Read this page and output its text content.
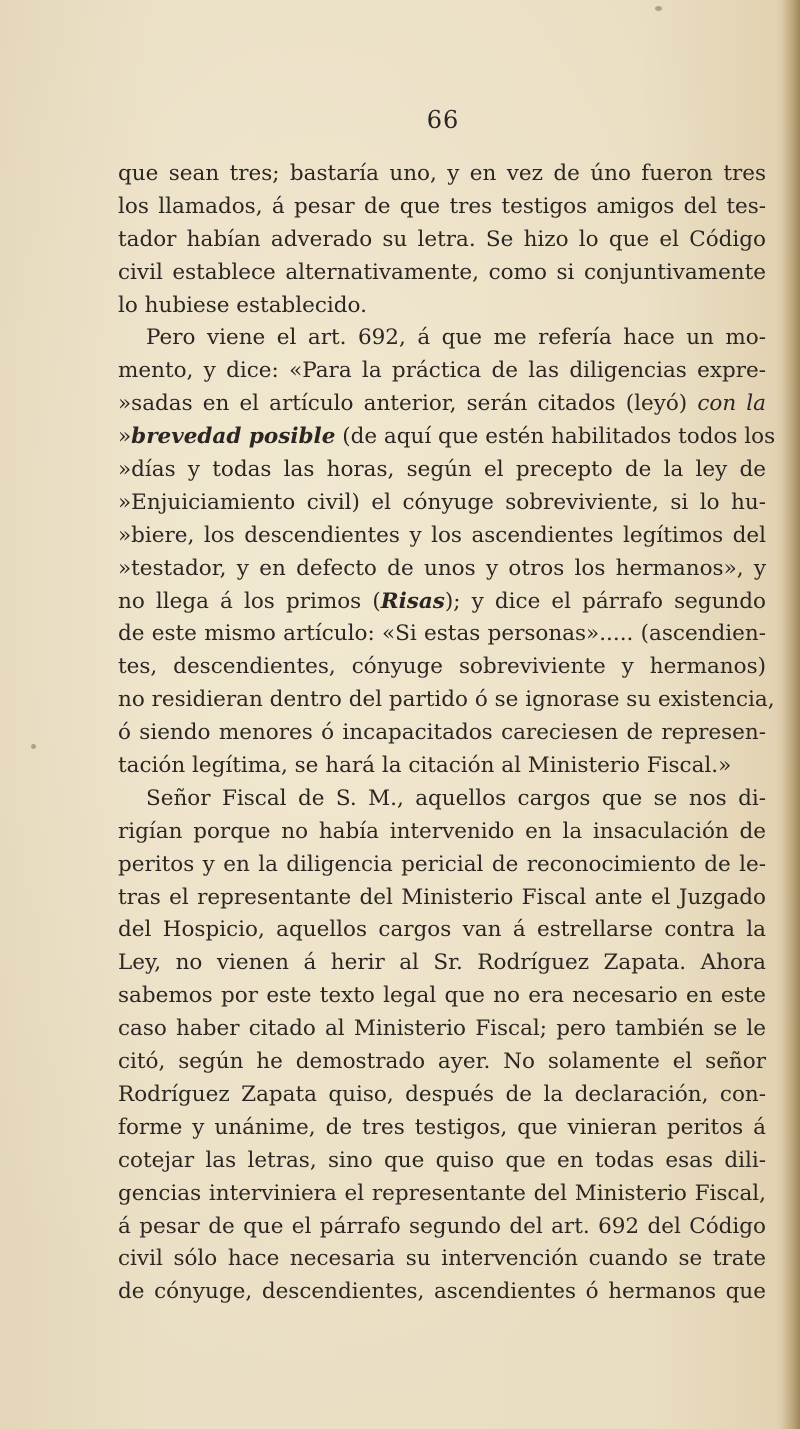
66
que sean tres; bastaría uno, y en vez de úno fueron tres
los llamados, á pesar de que tres testigos amigos del tes-
tador habían adverado su letra. Se hizo lo que el Código
civil establece alternativamente, como si conjuntivamente
lo hubiese establecido.
Pero viene el art. 692, á que me refería hace un mo-
mento, y dice: «Para la práctica de las diligencias expre-
»sadas en el artículo anterior, serán citados (leyó) con la
»brevedad posible (de aquí que estén habilitados todos los
»días y todas las horas, según el precepto de la ley de
»Enjuiciamiento civil) el cónyuge sobreviviente, si lo hu-
»biere, los descendientes y los ascendientes legítimos del
»testador, y en defecto de unos y otros los hermanos», y
no llega á los primos (Risas); y dice el párrafo segundo
de este mismo artículo: «Si estas personas»..... (ascendien-
tes, descendientes, cónyuge sobreviviente y hermanos)
no residieran dentro del partido ó se ignorase su existencia,
ó siendo menores ó incapacitados careciesen de represen-
tación legítima, se hará la citación al Ministerio Fiscal.»
Señor Fiscal de S. M., aquellos cargos que se nos di-
rigían porque no había intervenido en la insaculación de
peritos y en la diligencia pericial de reconocimiento de le-
tras el representante del Ministerio Fiscal ante el Juzgado
del Hospicio, aquellos cargos van á estrellarse contra la
Ley, no vienen á herir al Sr. Rodríguez Zapata. Ahora
sabemos por este texto legal que no era necesario en este
caso haber citado al Ministerio Fiscal; pero también se le
citó, según he demostrado ayer. No solamente el señor
Rodríguez Zapata quiso, después de la declaración, con-
forme y unánime, de tres testigos, que vinieran peritos á
cotejar las letras, sino que quiso que en todas esas dili-
gencias interviniera el representante del Ministerio Fiscal,
á pesar de que el párrafo segundo del art. 692 del Código
civil sólo hace necesaria su intervención cuando se trate
de cónyuge, descendientes, ascendientes ó hermanos que
